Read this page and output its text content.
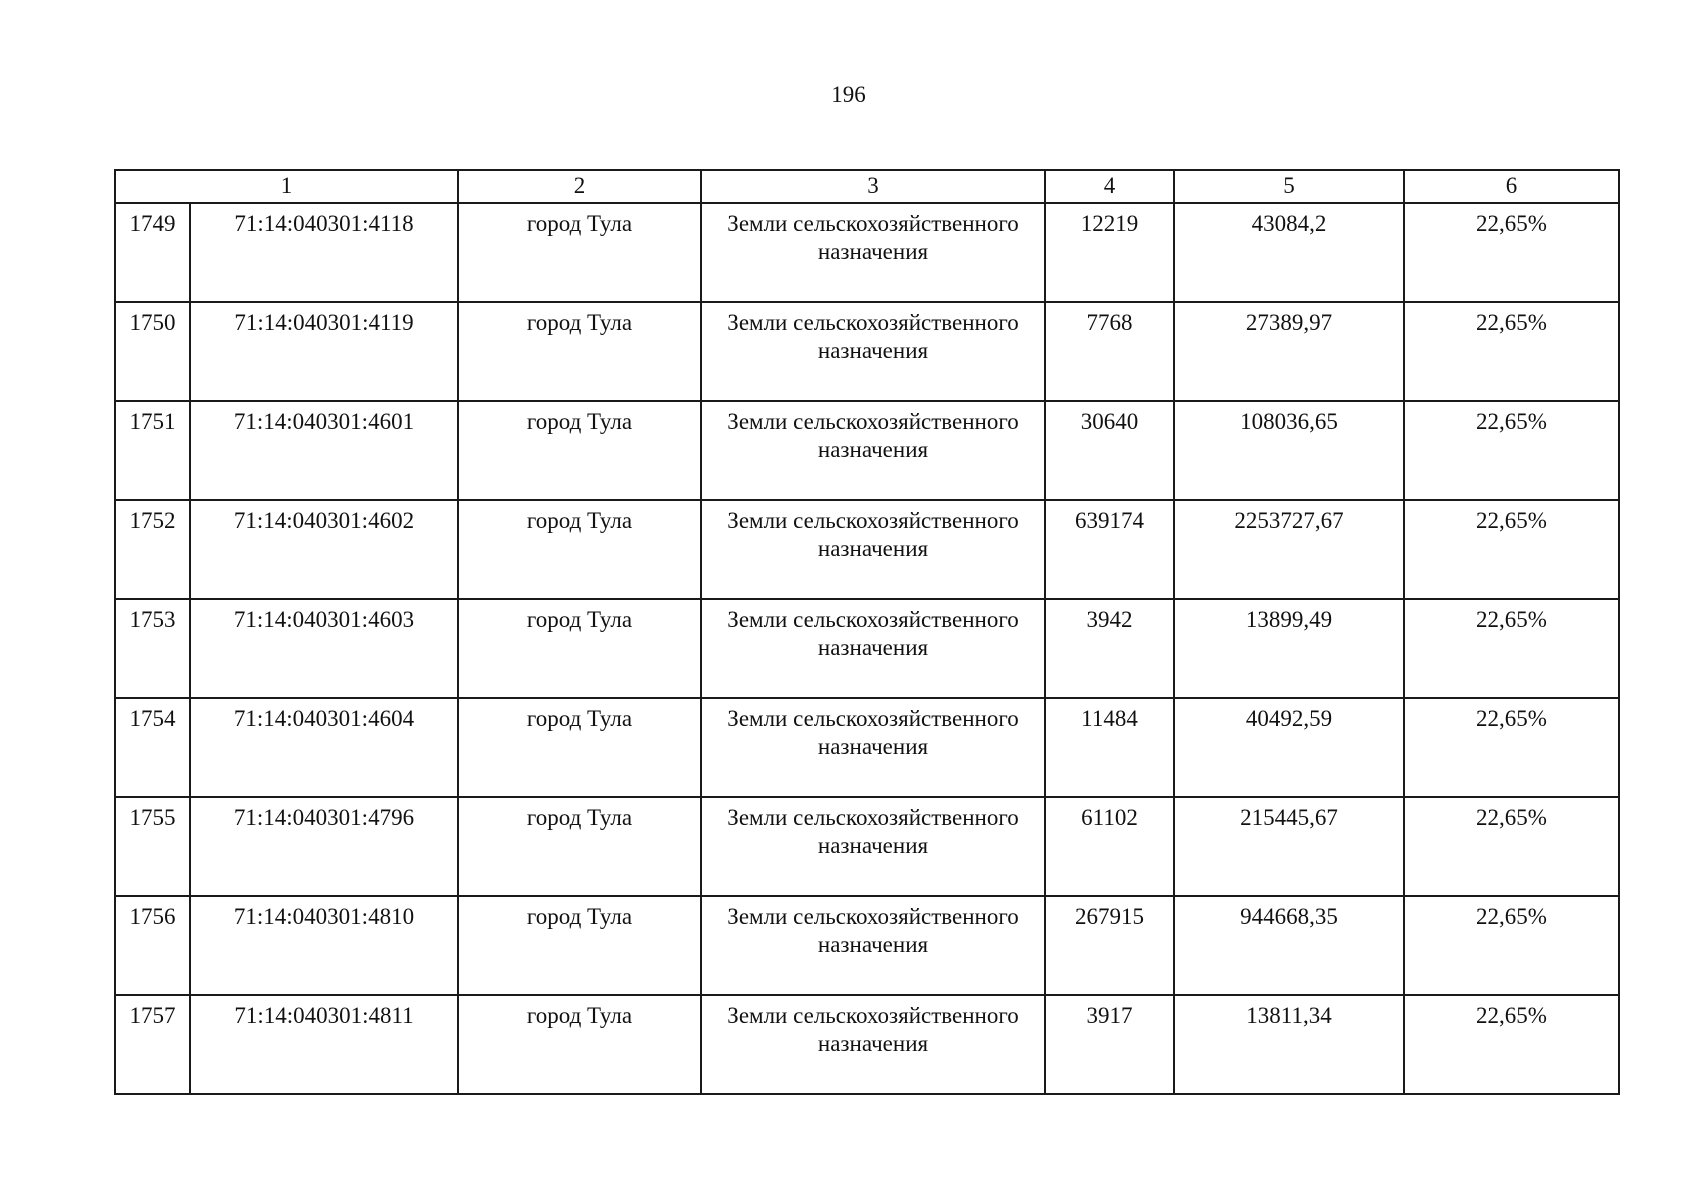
196
1		2	3	4	5	6
1749	71:14:040301:4118	город Тула	Земли сельскохозяйственного назначения	12219	43084,2	22,65%
1750	71:14:040301:4119	город Тула	Земли сельскохозяйственного назначения	7768	27389,97	22,65%
1751	71:14:040301:4601	город Тула	Земли сельскохозяйственного назначения	30640	108036,65	22,65%
1752	71:14:040301:4602	город Тула	Земли сельскохозяйственного назначения	639174	2253727,67	22,65%
1753	71:14:040301:4603	город Тула	Земли сельскохозяйственного назначения	3942	13899,49	22,65%
1754	71:14:040301:4604	город Тула	Земли сельскохозяйственного назначения	11484	40492,59	22,65%
1755	71:14:040301:4796	город Тула	Земли сельскохозяйственного назначения	61102	215445,67	22,65%
1756	71:14:040301:4810	город Тула	Земли сельскохозяйственного назначения	267915	944668,35	22,65%
1757	71:14:040301:4811	город Тула	Земли сельскохозяйственного назначения	3917	13811,34	22,65%
